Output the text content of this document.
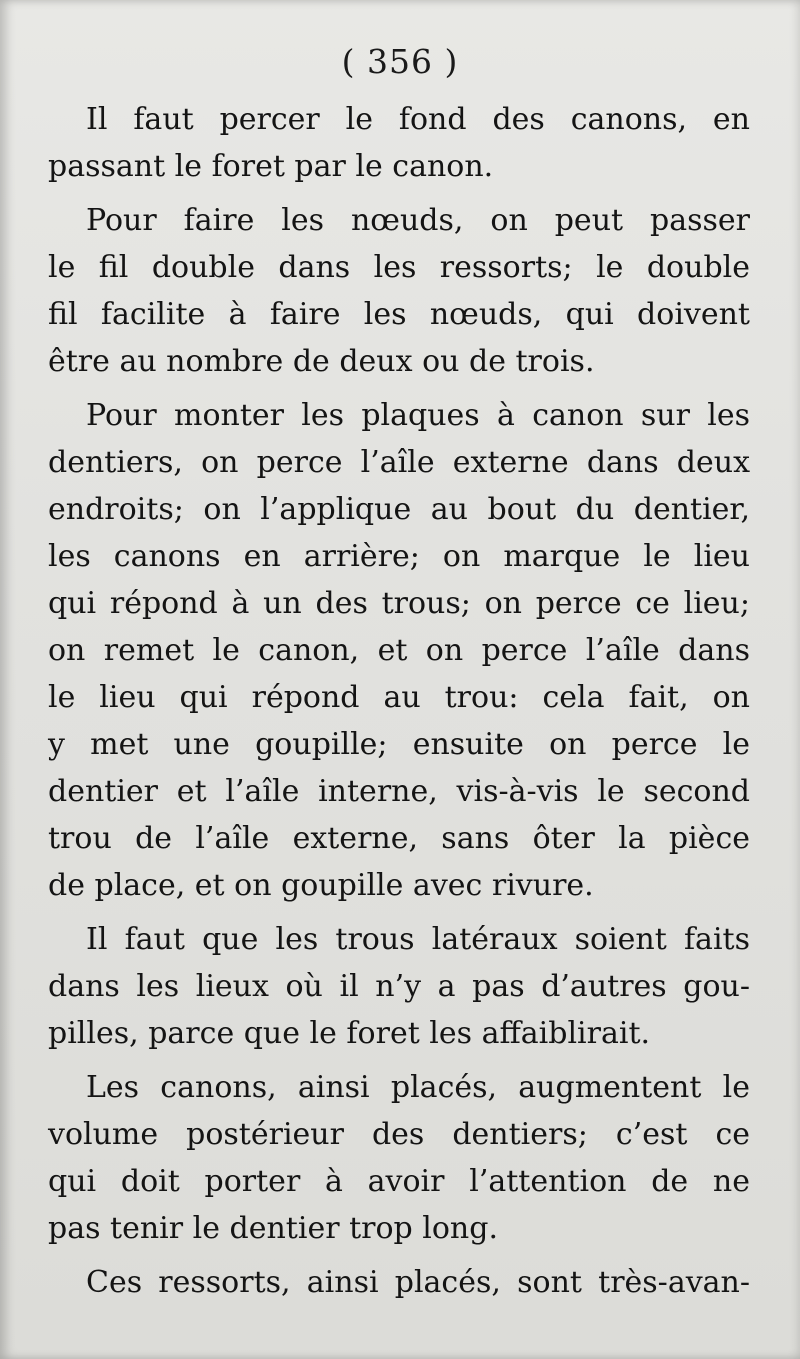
( 356 )
Il faut percer le fond des canons, en
passant le foret par le canon.
Pour faire les nœuds, on peut passer
le fil double dans les ressorts; le double
fil facilite à faire les nœuds, qui doivent
être au nombre de deux ou de trois.
Pour monter les plaques à canon sur les
dentiers, on perce l’aîle externe dans deux
endroits; on l’applique au bout du dentier,
les canons en arrière; on marque le lieu
qui répond à un des trous; on perce ce lieu;
on remet le canon, et on perce l’aîle dans
le lieu qui répond au trou: cela fait, on
y met une goupille; ensuite on perce le
dentier et l’aîle interne, vis-à-vis le second
trou de l’aîle externe, sans ôter la pièce
de place, et on goupille avec rivure.
Il faut que les trous latéraux soient faits
dans les lieux où il n’y a pas d’autres gou-
pilles, parce que le foret les affaiblirait.
Les canons, ainsi placés, augmentent le
volume postérieur des dentiers; c’est ce
qui doit porter à avoir l’attention de ne
pas tenir le dentier trop long.
Ces ressorts, ainsi placés, sont très-avan-
